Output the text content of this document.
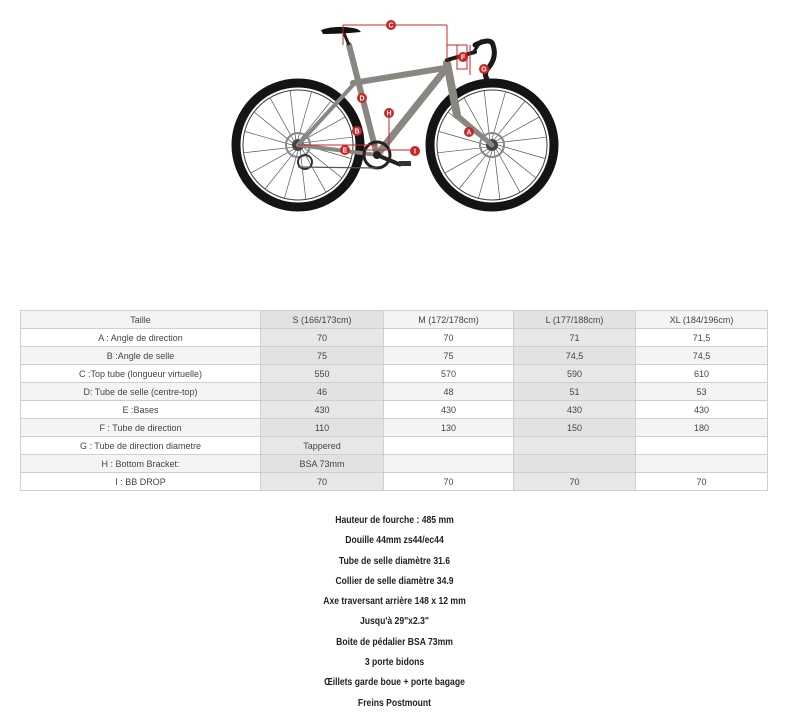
A
B
C
D
E
F
G
H
I
Taille	S (166/173cm)	M (172/178cm)	L (177/188cm)	XL (184/196cm)
A : Angle de direction	70	70	71	71,5
B :Angle de selle	75	75	74,5	74,5
C :Top tube (longueur virtuelle)	550	570	590	610
D: Tube de selle (centre-top)	46	48	51	53
E :Bases	430	430	430	430
F : Tube de direction	110	130	150	180
G : Tube de direction diametre	Tappered			
H : Bottom Bracket:	BSA 73mm			
I : BB DROP	70	70	70	70
Hauteur de fourche : 485 mm
Douille 44mm zs44/ec44
Tube de selle diamètre 31.6
Collier de selle diamètre 34.9
Axe traversant arrière 148 x 12 mm
Jusqu'à 29"x2.3"
Boite de pédalier BSA 73mm
3 porte bidons
Œillets garde boue + porte bagage
Freins Postmount
